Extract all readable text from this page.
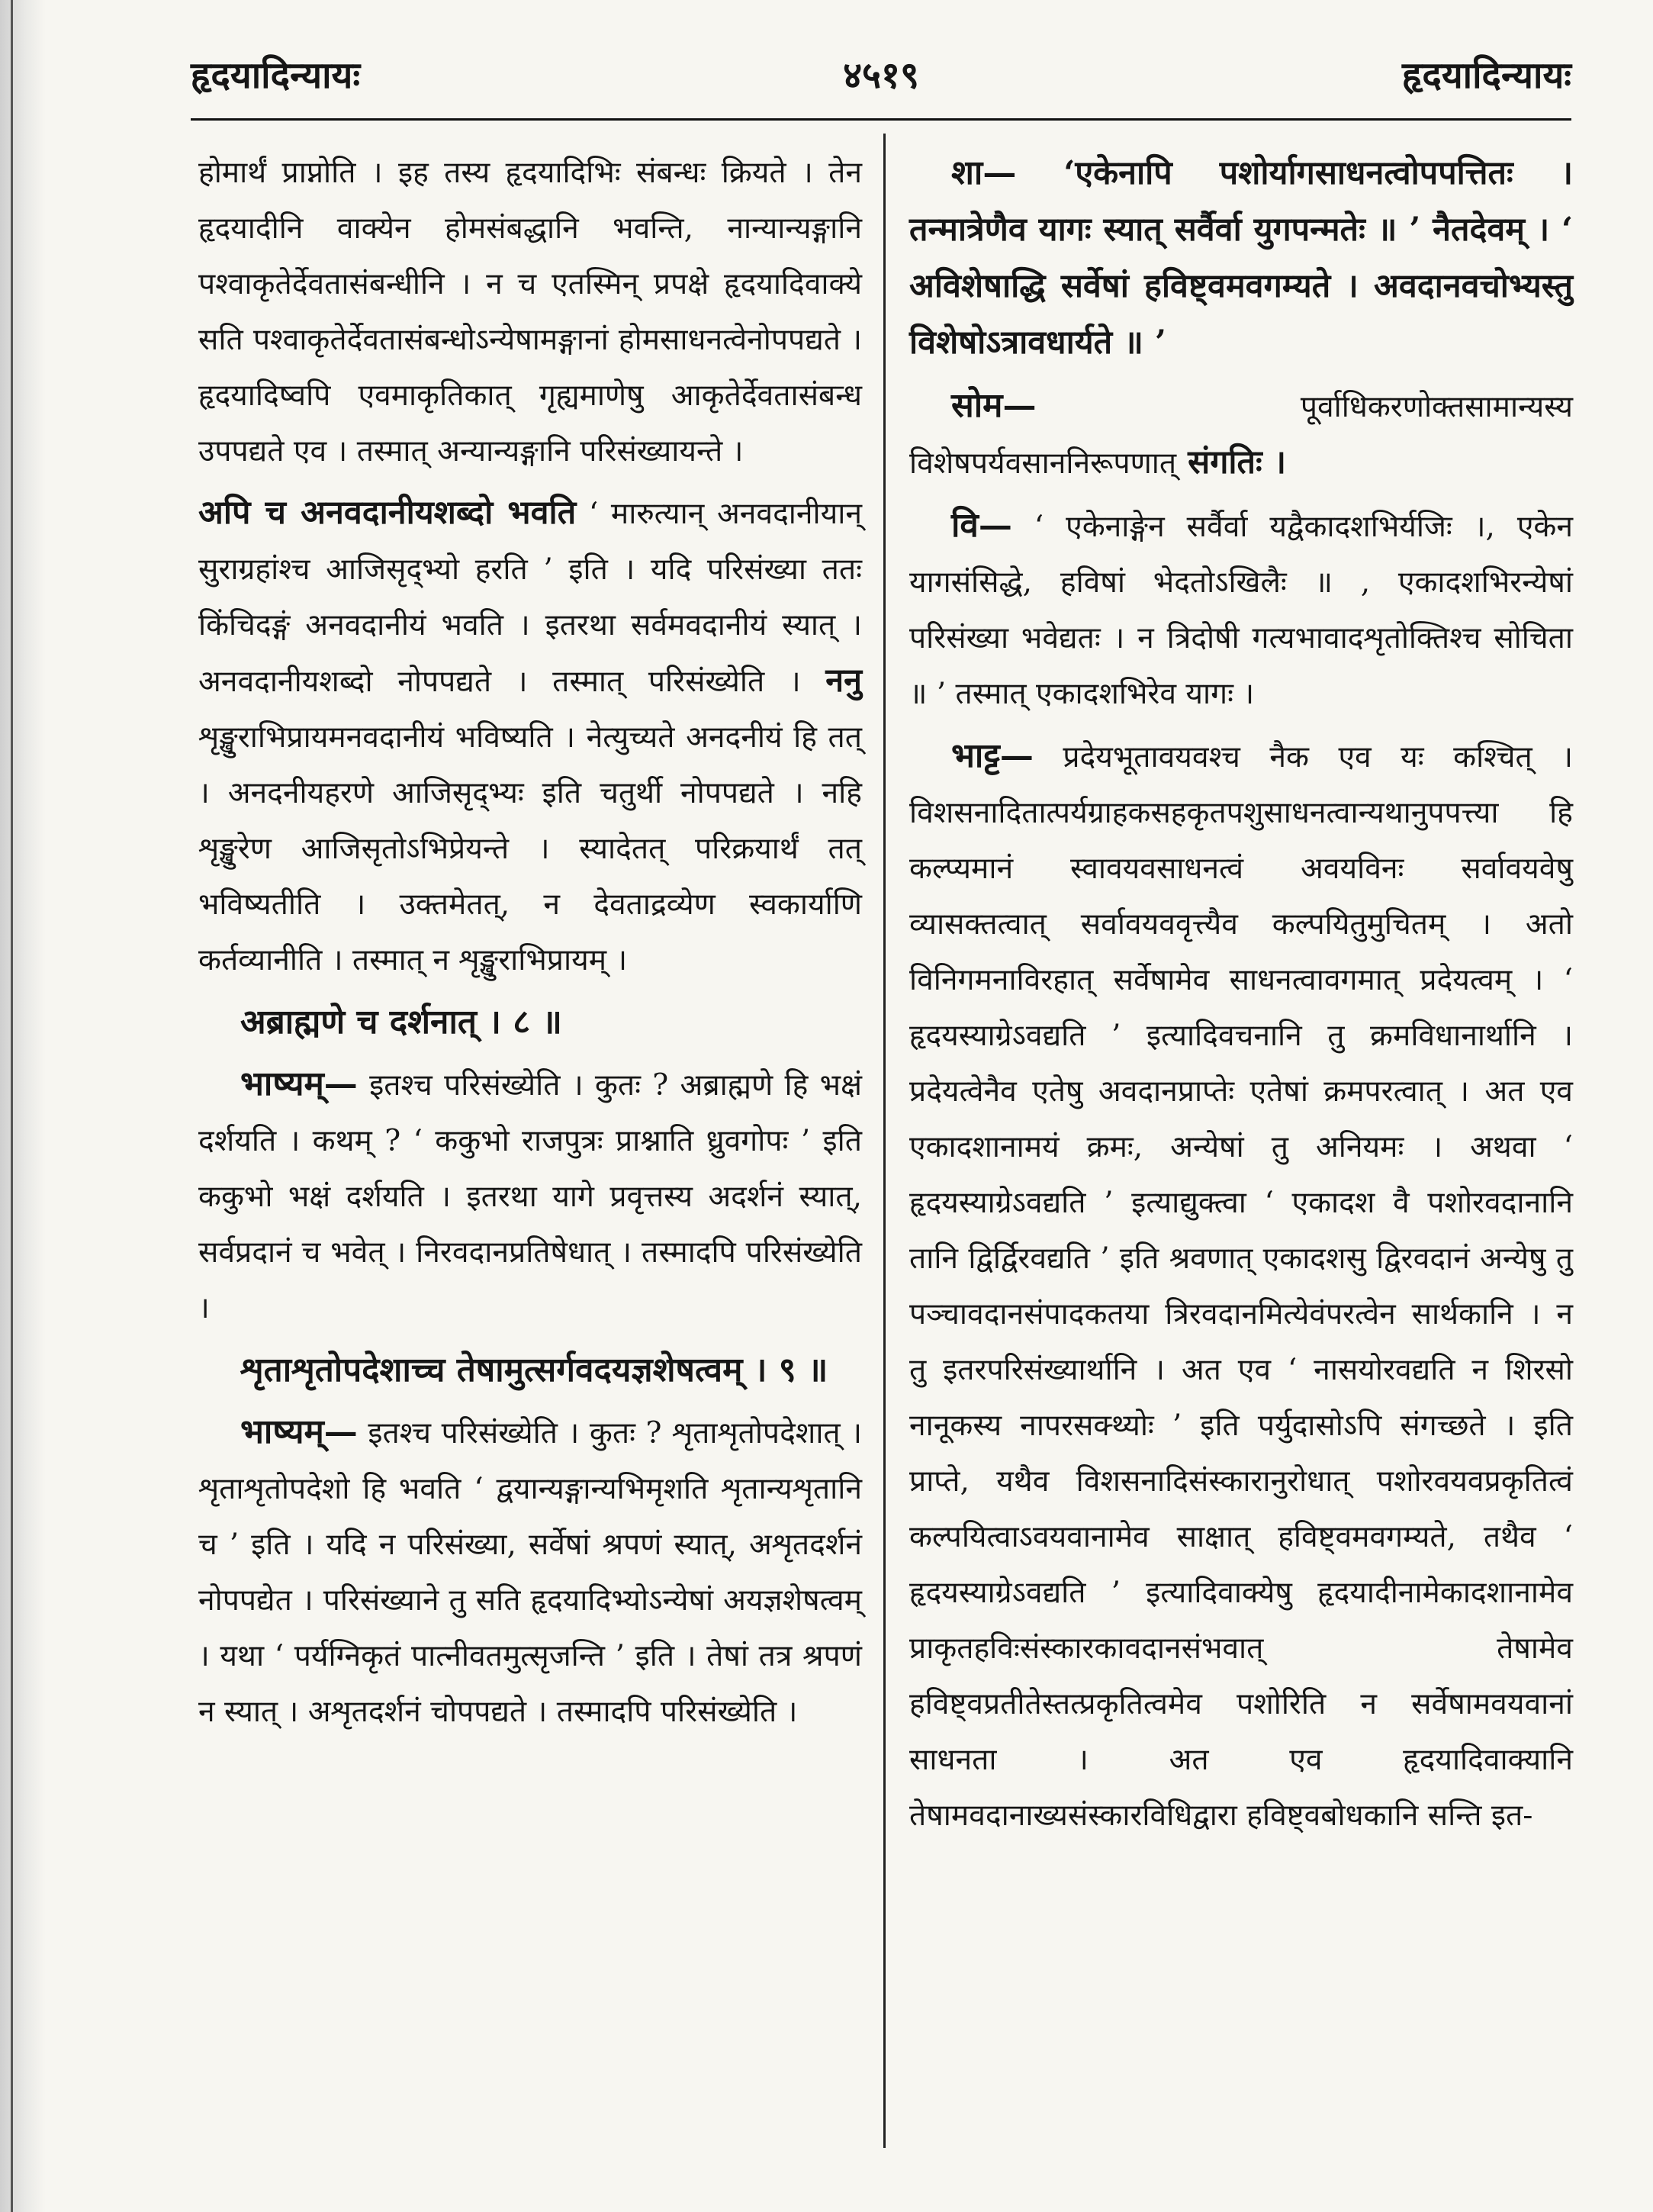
हृदयादिन्यायः	४५१९	हृदयादिन्यायः

होमार्थं प्राप्नोति । इह तस्य हृदयादिभिः संबन्धः क्रियते । तेन हृदयादीनि वाक्येन होमसंबद्धानि भवन्ति, नान्यान्यङ्गानि पश्वाकृतेर्देवतासंबन्धीनि । न च एतस्मिन् प्रपक्षे हृदयादिवाक्ये सति पश्वाकृतेर्देवतासंबन्धोऽन्येषामङ्गानां होमसाधनत्वेनोपपद्यते । हृदयादिष्वपि एवमाकृतिकात् गृह्यमाणेषु आकृतेर्देवतासंबन्ध उपपद्यते एव । तस्मात् अन्यान्यङ्गानि परिसंख्यायन्ते ।

अपि च अनवदानीयशब्दो भवति ‘ मारुत्यान् अनवदानीयान् सुराग्रहांश्च आजिसृद्भ्यो हरति ’ इति । यदि परिसंख्या ततः किंचिदङ्गं अनवदानीयं भवति । इतरथा सर्वमवदानीयं स्यात् । अनवदानीयशब्दो नोपपद्यते । तस्मात् परिसंख्येति । ननु शृङ्खुराभिप्रायमनवदानीयं भविष्यति । नेत्युच्यते अनदनीयं हि तत् । अनदनीयहरणे आजिसृद्भ्यः इति चतुर्थी नोपपद्यते । नहि शृङ्खुरेण आजिसृतोऽभिप्रेयन्ते । स्यादेतत् परिक्रयार्थं तत् भविष्यतीति । उक्तमेतत्, न देवताद्रव्येण स्वकार्याणि कर्तव्यानीति । तस्मात् न शृङ्खुराभिप्रायम् ।

अब्राह्मणे च दर्शनात् । ८ ॥

भाष्यम्— इतश्च परिसंख्येति । कुतः ? अब्राह्मणे हि भक्षं दर्शयति । कथम् ? ‘ ककुभो राजपुत्रः प्राश्नाति ध्रुवगोपः ’ इति ककुभो भक्षं दर्शयति । इतरथा यागे प्रवृत्तस्य अदर्शनं स्यात्, सर्वप्रदानं च भवेत् । निरवदानप्रतिषेधात् । तस्मादपि परिसंख्येति ।

शृताशृतोपदेशाच्च तेषामुत्सर्गवदयज्ञशेषत्वम् । ९ ॥

भाष्यम्— इतश्च परिसंख्येति । कुतः ? शृताशृतोपदेशात् । शृताशृतोपदेशो हि भवति ‘ द्वयान्यङ्गान्यभिमृशति शृतान्यशृतानि च ’ इति । यदि न परिसंख्या, सर्वेषां श्रपणं स्यात्, अशृतदर्शनं नोपपद्येत । परिसंख्याने तु सति हृदयादिभ्योऽन्येषां अयज्ञशेषत्वम् । यथा ‘ पर्यग्निकृतं पात्नीवतमुत्सृजन्ति ’ इति । तेषां तत्र श्रपणं न स्यात् । अशृतदर्शनं चोपपद्यते । तस्मादपि परिसंख्येति ।

शा— ‘एकेनापि पशोर्यागसाधनत्वोपपत्तितः । तन्मात्रेणैव यागः स्यात् सर्वैर्वा युगपन्मतेः ॥ ’ नैतदेवम् । ‘ अविशेषाद्धि सर्वेषां हविष्ट्वमवगम्यते । अवदानवचोभ्यस्तु विशेषोऽत्रावधार्यते ॥ ’

सोम— पूर्वाधिकरणोक्तसामान्यस्य विशेषपर्यवसाननिरूपणात् संगतिः ।

वि— ‘ एकेनाङ्गेन सर्वैर्वा यद्वैकादशभिर्यजिः ।, एकेन यागसंसिद्धे, हविषां भेदतोऽखिलैः ॥ , एकादशभिरन्येषां परिसंख्या भवेद्यतः । न त्रिदोषी गत्यभावादशृतोक्तिश्च सोचिता ॥ ’ तस्मात् एकादशभिरेव यागः ।

भाट्ट— प्रदेयभूतावयवश्च नैक एव यः कश्चित् । विशसनादितात्पर्यग्राहकसहकृतपशुसाधनत्वान्यथानुपपत्त्या हि कल्प्यमानं स्वावयवसाधनत्वं अवयविनः सर्वावयवेषु व्यासक्तत्वात् सर्वावयववृत्त्यैव कल्पयितुमुचितम् । अतो विनिगमनाविरहात् सर्वेषामेव साधनत्वावगमात् प्रदेयत्वम् । ‘ हृदयस्याग्रेऽवद्यति ’ इत्यादिवचनानि तु क्रमविधानार्थानि । प्रदेयत्वेनैव एतेषु अवदानप्राप्तेः एतेषां क्रमपरत्वात् । अत एव एकादशानामयं क्रमः, अन्येषां तु अनियमः । अथवा ‘ हृदयस्याग्रेऽवद्यति ’ इत्याद्युक्त्वा ‘ एकादश वै पशोरवदानानि तानि द्विर्द्विरवद्यति ’ इति श्रवणात् एकादशसु द्विरवदानं अन्येषु तु पञ्चावदानसंपादकतया त्रिरवदानमित्येवंपरत्वेन सार्थकानि । न तु इतरपरिसंख्यार्थानि । अत एव ‘ नासयोरवद्यति न शिरसो नानूकस्य नापरसक्थ्योः ’ इति पर्युदासोऽपि संगच्छते । इति प्राप्ते, यथैव विशसनादिसंस्कारानुरोधात् पशोरवयवप्रकृतित्वं कल्पयित्वाऽवयवानामेव साक्षात् हविष्ट्वमवगम्यते, तथैव ‘ हृदयस्याग्रेऽवद्यति ’ इत्यादिवाक्येषु हृदयादीनामेकादशानामेव प्राकृतहविःसंस्कारकावदानसंभवात् तेषामेव हविष्ट्वप्रतीतेस्तत्प्रकृतित्वमेव पशोरिति न सर्वेषामवयवानां साधनता । अत एव हृदयादिवाक्यानि तेषामवदानाख्यसंस्कारविधिद्वारा हविष्ट्वबोधकानि सन्ति इत-
